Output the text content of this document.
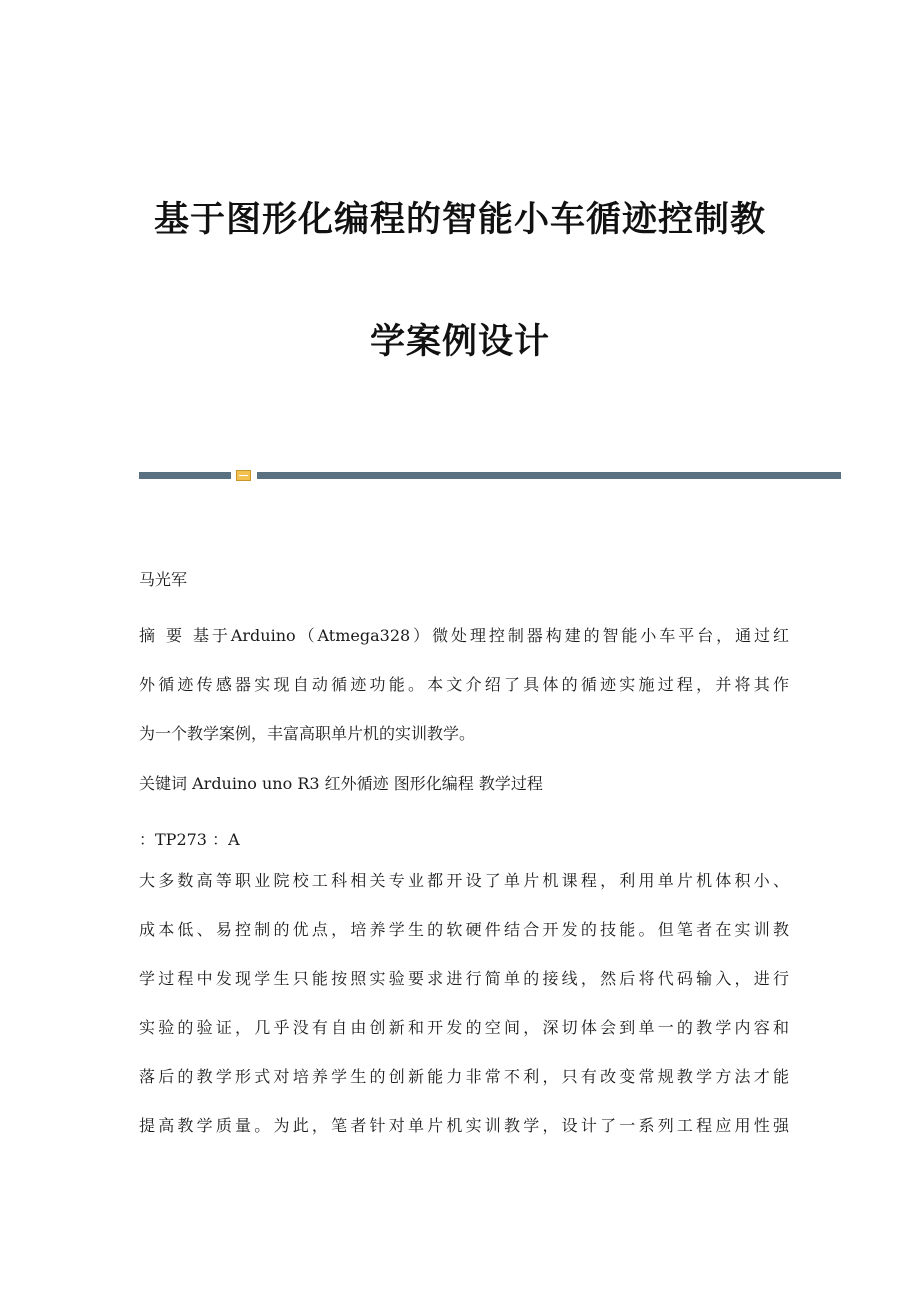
基于图形化编程的智能小车循迹控制教
学案例设计
马光军
摘 要 基于Arduino（Atmega328）微处理控制器构建的智能小车平台，通过红
外循迹传感器实现自动循迹功能。本文介绍了具体的循迹实施过程，并将其作
为一个教学案例，丰富高职单片机的实训教学。
关键词 Arduino uno R3 红外循迹 图形化编程 教学过程
：TP273 ：A
大多数高等职业院校工科相关专业都开设了单片机课程，利用单片机体积小、
成本低、易控制的优点，培养学生的软硬件结合开发的技能。但笔者在实训教
学过程中发现学生只能按照实验要求进行简单的接线，然后将代码输入，进行
实验的验证，几乎没有自由创新和开发的空间，深切体会到单一的教学内容和
落后的教学形式对培养学生的创新能力非常不利，只有改变常规教学方法才能
提高教学质量。为此，笔者针对单片机实训教学，设计了一系列工程应用性强
